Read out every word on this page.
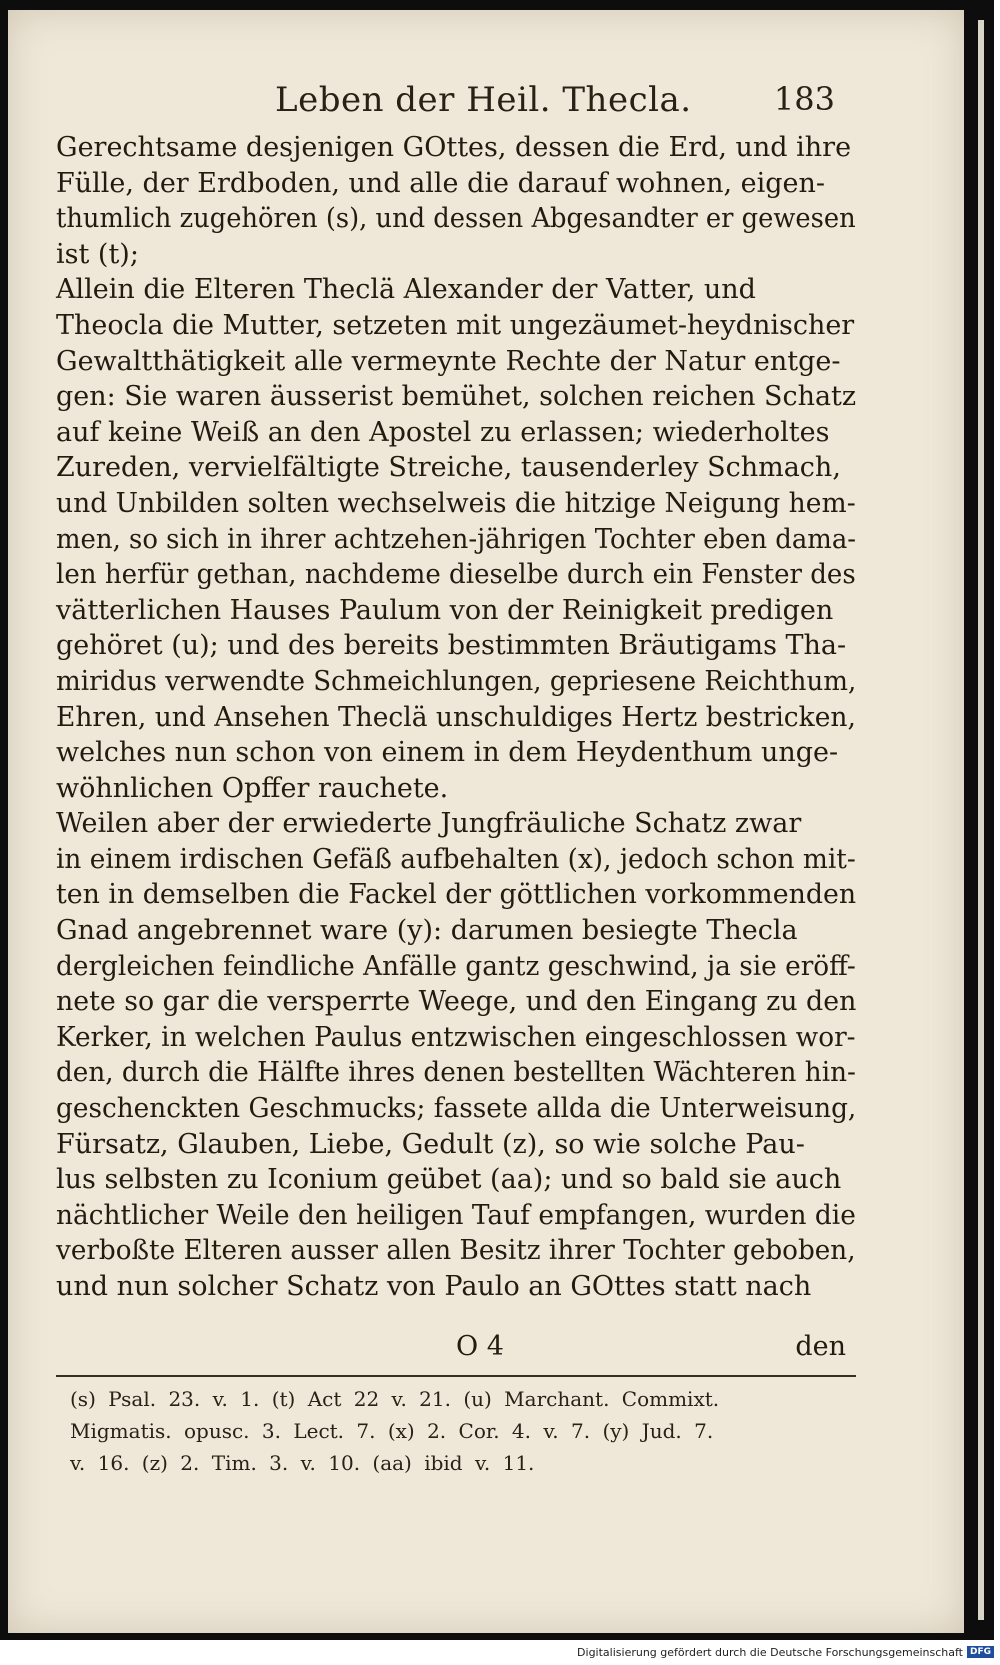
Leben der Heil. Thecla.	183
Gerechtsame desjenigen GOttes, dessen die Erd, und ihre
Fülle, der Erdboden, und alle die darauf wohnen, eigen-
thumlich zugehören (s), und dessen Abgesandter er gewesen
ist (t);
Allein die Elteren Theclä Alexander der Vatter, und
Theocla die Mutter, setzeten mit ungezäumet-heydnischer
Gewaltthätigkeit alle vermeynte Rechte der Natur entge-
gen: Sie waren äusserist bemühet, solchen reichen Schatz
auf keine Weiß an den Apostel zu erlassen; wiederholtes
Zureden, vervielfältigte Streiche, tausenderley Schmach,
und Unbilden solten wechselweis die hitzige Neigung hem-
men, so sich in ihrer achtzehen-jährigen Tochter eben dama-
len herfür gethan, nachdeme dieselbe durch ein Fenster des
vätterlichen Hauses Paulum von der Reinigkeit predigen
gehöret (u); und des bereits bestimmten Bräutigams Tha-
miridus verwendte Schmeichlungen, gepriesene Reichthum,
Ehren, und Ansehen Theclä unschuldiges Hertz bestricken,
welches nun schon von einem in dem Heydenthum unge-
wöhnlichen Opffer rauchete.
Weilen aber der erwiederte Jungfräuliche Schatz zwar
in einem irdischen Gefäß aufbehalten (x), jedoch schon mit-
ten in demselben die Fackel der göttlichen vorkommenden
Gnad angebrennet ware (y): darumen besiegte Thecla
dergleichen feindliche Anfälle gantz geschwind, ja sie eröff-
nete so gar die versperrte Weege, und den Eingang zu den
Kerker, in welchen Paulus entzwischen eingeschlossen wor-
den, durch die Hälfte ihres denen bestellten Wächteren hin-
geschenckten Geschmucks; fassete allda die Unterweisung,
Fürsatz, Glauben, Liebe, Gedult (z), so wie solche Pau-
lus selbsten zu Iconium geübet (aa); und so bald sie auch
nächtlicher Weile den heiligen Tauf empfangen, wurden die
verboßte Elteren ausser allen Besitz ihrer Tochter geboben,
und nun solcher Schatz von Paulo an GOttes statt nach
O 4	den
(s) Psal. 23. v. 1. (t) Act 22 v. 21. (u) Marchant. Commixt.
Migmatis. opusc. 3. Lect. 7. (x) 2. Cor. 4. v. 7. (y) Jud. 7.
v. 16. (z) 2. Tim. 3. v. 10. (aa) ibid v. 11.
Digitalisierung gefördert durch die Deutsche Forschungsgemeinschaft DFG
